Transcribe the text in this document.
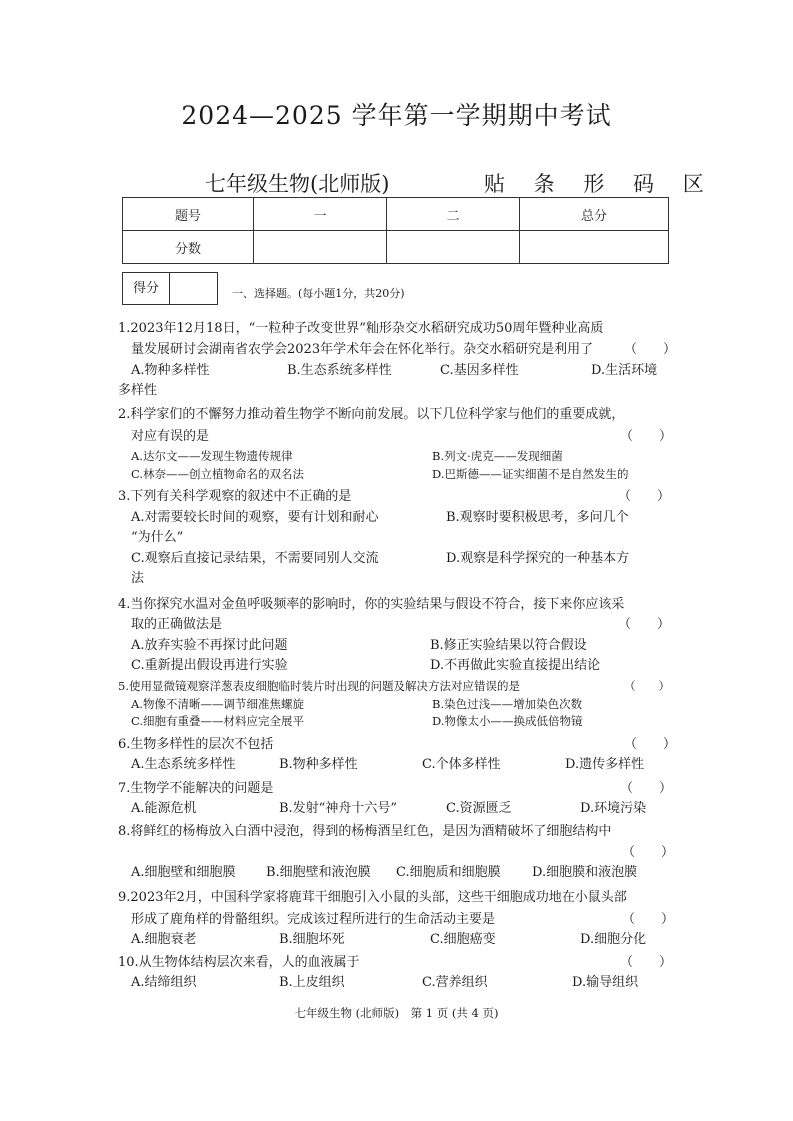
2024—2025 学年第一学期期中考试
七年级生物(北师版)	贴 条 形 码 区
题号	一	二	总分
分数			
得分	一、选择题。(每小题1分，共20分)
1.2023年12月18日，“一粒种子改变世界”籼形杂交水稻研究成功50周年暨种业高质
量发展研讨会湖南省农学会2023年学术年会在怀化举行。杂交水稻研究是利用了 （　　）
A.物种多样性	B.生态系统多样性	C.基因多样性	D.生活环境
多样性
2.科学家们的不懈努力推动着生物学不断向前发展。以下几位科学家与他们的重要成就，
对应有误的是	（　　）
A.达尔文——发现生物遗传规律	B.列文·虎克——发现细菌
C.林奈——创立植物命名的双名法	D.巴斯德——证实细菌不是自然发生的
3.下列有关科学观察的叙述中不正确的是	（　　）
A.对需要较长时间的观察，要有计划和耐心	B.观察时要积极思考，多问几个
“为什么”
C.观察后直接记录结果，不需要同别人交流	D.观察是科学探究的一种基本方
法
4.当你探究水温对金鱼呼吸频率的影响时，你的实验结果与假设不符合，接下来你应该采
取的正确做法是	（　　）
A.放弃实验不再探讨此问题	B.修正实验结果以符合假设
C.重新提出假设再进行实验	D.不再做此实验直接提出结论
5.使用显微镜观察洋葱表皮细胞临时装片时出现的问题及解决方法对应错误的是	（　　）
A.物像不清晰——调节细准焦螺旋	B.染色过浅——增加染色次数
C.细胞有重叠——材料应完全展平	D.物像太小——换成低倍物镜
6.生物多样性的层次不包括	（　　）
A.生态系统多样性	B.物种多样性	C.个体多样性	D.遗传多样性
7.生物学不能解决的问题是	（　　）
A.能源危机	B.发射“神舟十六号”	C.资源匮乏	D.环境污染
8.将鲜红的杨梅放入白酒中浸泡，得到的杨梅酒呈红色，是因为酒精破坏了细胞结构中
（　　）
A.细胞壁和细胞膜 B.细胞壁和液泡膜 C.细胞质和细胞膜 D.细胞膜和液泡膜
9.2023年2月，中国科学家将鹿茸干细胞引入小鼠的头部，这些干细胞成功地在小鼠头部
形成了鹿角样的骨骼组织。完成该过程所进行的生命活动主要是	（　　）
A.细胞衰老	B.细胞坏死	C.细胞癌变	D.细胞分化
10.从生物体结构层次来看，人的血液属于	（　　）
A.结缔组织	B.上皮组织	C.营养组织	D.输导组织
七年级生物 (北师版)　第 1 页 (共 4 页)
